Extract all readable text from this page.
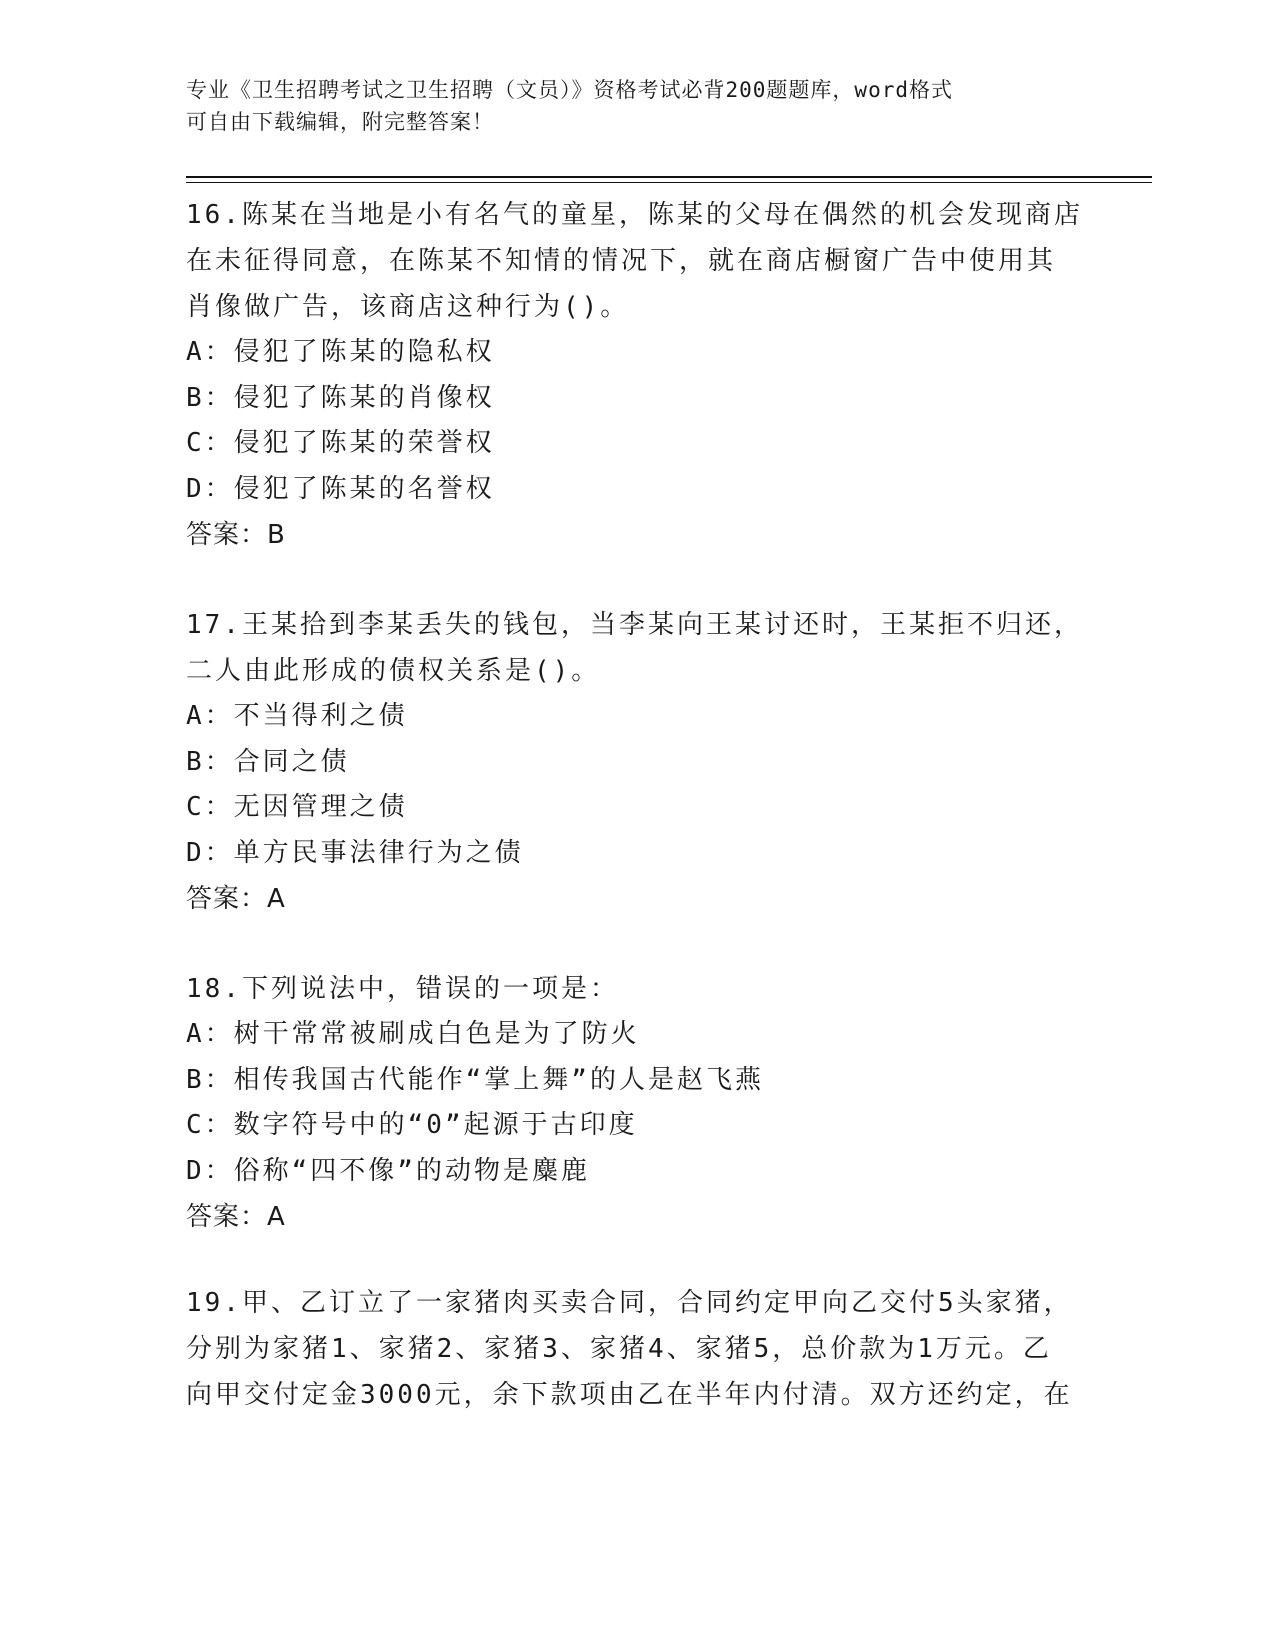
专业《卫生招聘考试之卫生招聘（文员）》资格考试必背200题题库，word格式
可自由下载编辑，附完整答案！
16.陈某在当地是小有名气的童星，陈某的父母在偶然的机会发现商店
在未征得同意，在陈某不知情的情况下，就在商店橱窗广告中使用其
肖像做广告，该商店这种行为()。
A：侵犯了陈某的隐私权
B：侵犯了陈某的肖像权
C：侵犯了陈某的荣誉权
D：侵犯了陈某的名誉权
答案：B
17.王某拾到李某丢失的钱包，当李某向王某讨还时，王某拒不归还，
二人由此形成的债权关系是()。
A：不当得利之债
B：合同之债
C：无因管理之债
D：单方民事法律行为之债
答案：A
18.下列说法中，错误的一项是：
A：树干常常被刷成白色是为了防火
B：相传我国古代能作“掌上舞”的人是赵飞燕
C：数字符号中的“0”起源于古印度
D：俗称“四不像”的动物是麋鹿
答案：A
19.甲、乙订立了一家猪肉买卖合同，合同约定甲向乙交付5头家猪，
分别为家猪1、家猪2、家猪3、家猪4、家猪5，总价款为1万元。乙
向甲交付定金3000元，余下款项由乙在半年内付清。双方还约定，在
